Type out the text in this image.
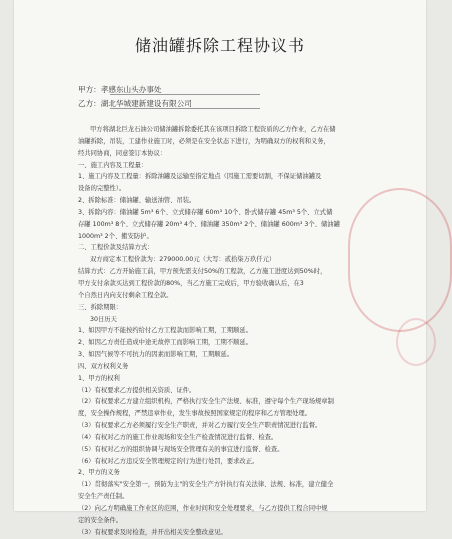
储油罐拆除工程协议书
甲方：孝感东山头办事处
乙方：湖北华城建新建设有限公司

甲方将湖北巨龙石油公司储油罐拆除委托其在该项目拆除工程资质的乙方作业，乙方在储

油罐拆除，吊装，工建作业施工时，必须是在安全状态下进行，为明确双方的权利和义务，

经共同协商，同意签订本协议：

一、施工内容及工程量：

1、施工内容及工程量：拆除油罐及运输至指定地点（因施工需要切割，不保证储油罐及

设备的完整性）。

2、拆除标准：储油罐、输送油管、吊装。

3、拆除内容：储油罐 5m³ 6个、立式储存罐 60m³ 10个、卧式储存罐 45m³ 5个、立式储

存罐 100m³ 8个、立式储存罐 20m³ 4个、储油罐 350m³ 2个、储油罐 600m³ 3个、储油罐

1000m³ 2个、搬安防护。

二、工程价款及结算方式：

双方商定本工程价款为：279000.00元（大写：贰拾柒万玖仟元）

结算方式：乙方开始施工前，甲方预先需支付50%的工程款，乙方施工进度达到50%时，

甲方支付余款买达到工程价款的80%，当乙方施工完成后，甲方验收确认后，在3

个自然日内向支付剩余工程全款。

三、拆除期限：

30日历天

1、如因甲方不能按约给付乙方工程款而影响工期，工期顺延。

2、如因乙方责任造成中途无故停工而影响工期，工期不顺延。

3、如因气候等不可抗力的因素而影响工期，工期顺延。

四、双方权利义务

1、甲方的权利

（1）有权要求乙方提供相关资质、证件。

（2）有权要求乙方建立组织机构，严格执行安全生产法规、标准，遵守每个生产现场规章制

度，安全操作规程，严禁违章作业，发生事故按照国家规定的程序和乙方管理处理。

（3）有权要求乙方必须履行安全生产职责，并对乙方履行安全生产职责情况进行监督。

（4）有权对乙方的施工作业现场和安全生产检查情况进行监督、检查。

（5）有权对乙方的组织协调与现场安全管理有关的事宜进行监督、检查。

（6）有权对乙方违反安全管理规定的行为进行处罚，要求改正。

2、甲方的义务

（1）贯彻落实"安全第一，预防为主"的安全生产方针执行有关法律、法规、标准，建立健全

安全生产责任制。

（2）向乙方明确施工作业区的范围，作业时间和安全处理要求，与乙方提供工程合同中规

定的安全条件。

（3）有权要求及时检查，并开出相关安全整改意见。
